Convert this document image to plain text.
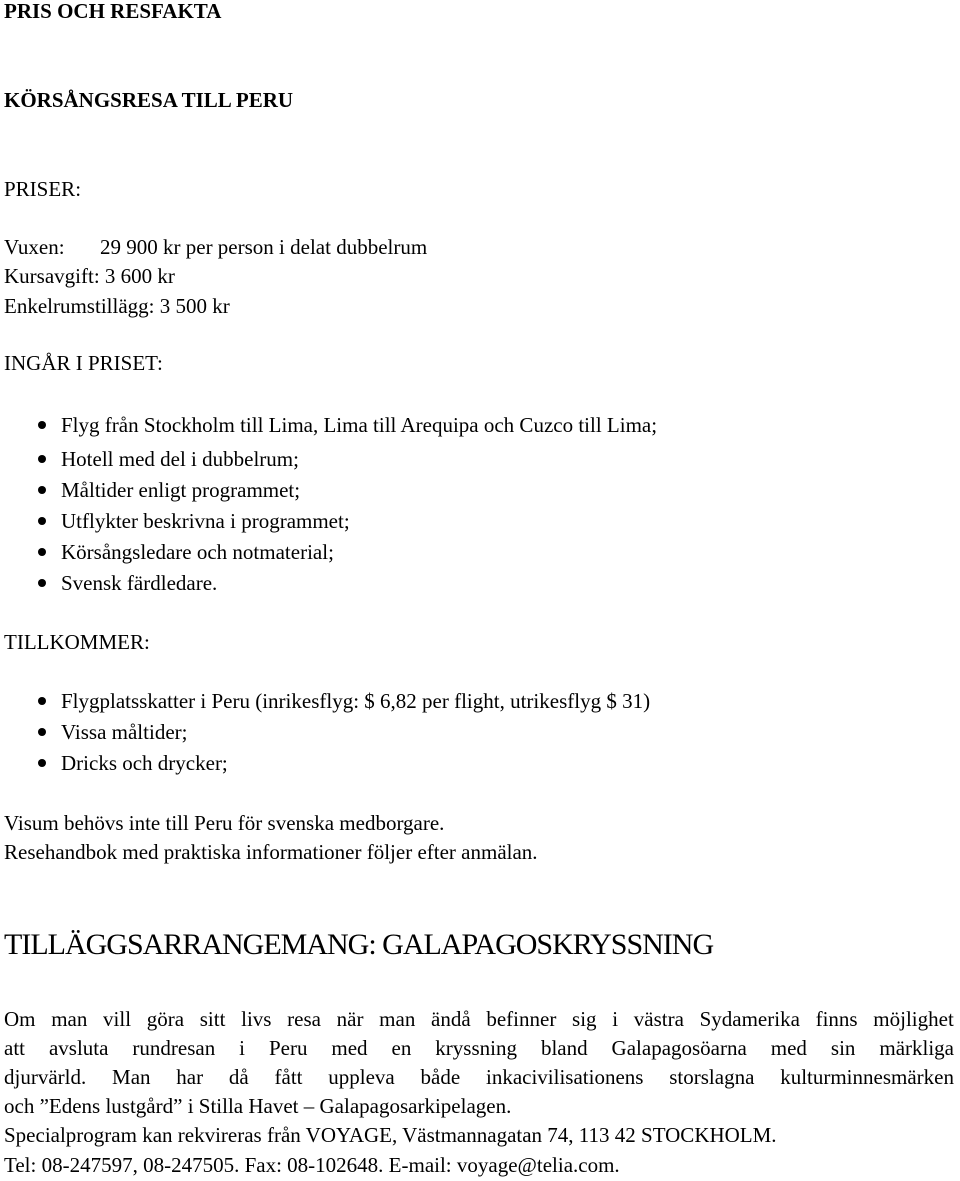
PRIS OCH RESFAKTA
KÖRSÅNGSRESA TILL PERU
PRISER:
Vuxen: 29 900 kr per person i delat dubbelrum
Kursavgift: 3 600 kr
Enkelrumstillägg: 3 500 kr
INGÅR I PRISET:
Flyg från Stockholm till Lima, Lima till Arequipa och Cuzco till Lima;
Hotell med del i dubbelrum;
Måltider enligt programmet;
Utflykter beskrivna i programmet;
Körsångsledare och notmaterial;
Svensk färdledare.
TILLKOMMER:
Flygplatsskatter i Peru (inrikesflyg: $ 6,82 per flight, utrikesflyg $ 31)
Vissa måltider;
Dricks och drycker;
Visum behövs inte till Peru för svenska medborgare.
Resehandbok med praktiska informationer följer efter anmälan.
TILLÄGGSARRANGEMANG: GALAPAGOSKRYSSNING
Om man vill göra sitt livs resa när man ändå befinner sig i västra Sydamerika finns möjlighet
att avsluta rundresan i Peru med en kryssning bland Galapagosöarna med sin märkliga
djurvärld. Man har då fått uppleva både inkacivilisationens storslagna kulturminnesmärken
och ”Edens lustgård” i Stilla Havet – Galapagosarkipelagen.
Specialprogram kan rekvireras från VOYAGE, Västmannagatan 74, 113 42 STOCKHOLM.
Tel: 08-247597, 08-247505. Fax: 08-102648. E-mail: voyage@telia.com.
